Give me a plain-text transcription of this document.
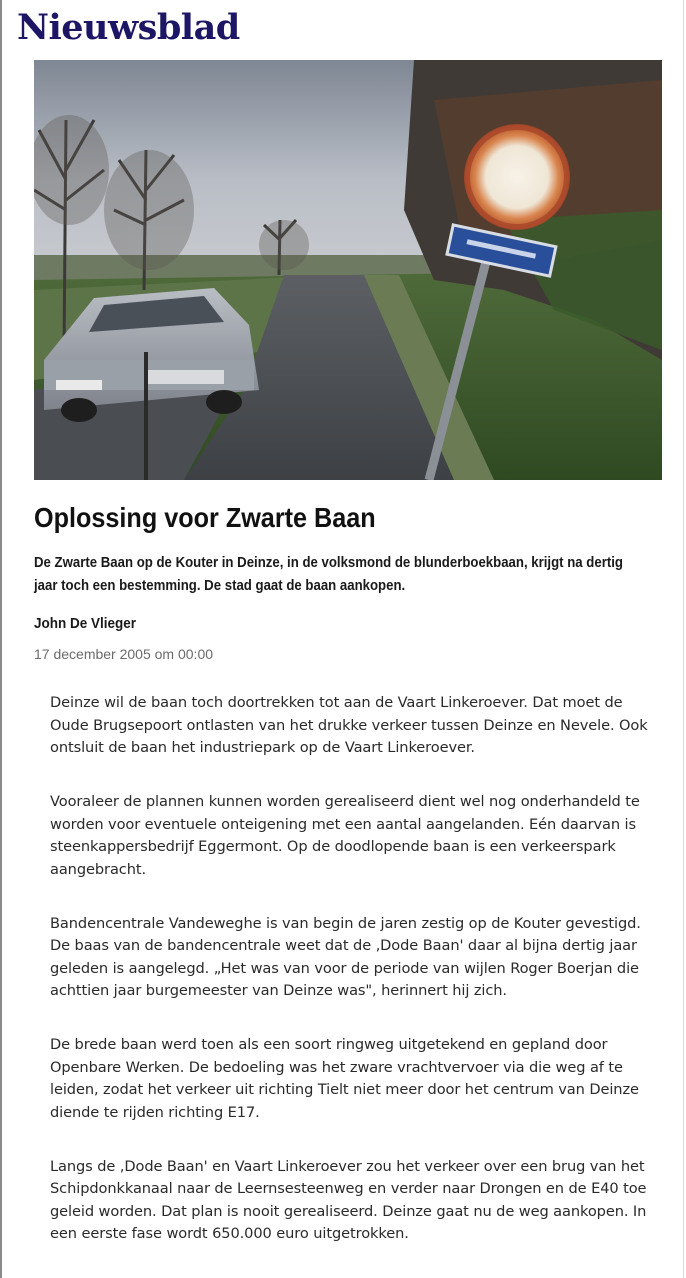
Nieuwsblad
Oplossing voor Zwarte Baan

De Zwarte Baan op de Kouter in Deinze, in de volksmond de blunderboekbaan, krijgt na dertig jaar toch een bestemming. De stad gaat de baan aankopen.

John De Vlieger
17 december 2005 om 00:00

Deinze wil de baan toch doortrekken tot aan de Vaart Linkeroever. Dat moet de Oude Brugsepoort ontlasten van het drukke verkeer tussen Deinze en Nevele. Ook ontsluit de baan het industriepark op de Vaart Linkeroever.

Vooraleer de plannen kunnen worden gerealiseerd dient wel nog onderhandeld te worden voor eventuele onteigening met een aantal aangelanden. Eén daarvan is steenkappersbedrijf Eggermont. Op de doodlopende baan is een verkeerspark aangebracht.

Bandencentrale Vandeweghe is van begin de jaren zestig op de Kouter gevestigd. De baas van de bandencentrale weet dat de ‚Dode Baan' daar al bijna dertig jaar geleden is aangelegd. „Het was van voor de periode van wijlen Roger Boerjan die achttien jaar burgemeester van Deinze was", herinnert hij zich.

De brede baan werd toen als een soort ringweg uitgetekend en gepland door Openbare Werken. De bedoeling was het zware vrachtvervoer via die weg af te leiden, zodat het verkeer uit richting Tielt niet meer door het centrum van Deinze diende te rijden richting E17.

Langs de ‚Dode Baan' en Vaart Linkeroever zou het verkeer over een brug van het Schipdonkkanaal naar de Leernsesteenweg en verder naar Drongen en de E40 toe geleid worden. Dat plan is nooit gerealiseerd. Deinze gaat nu de weg aankopen. In een eerste fase wordt 650.000 euro uitgetrokken.
